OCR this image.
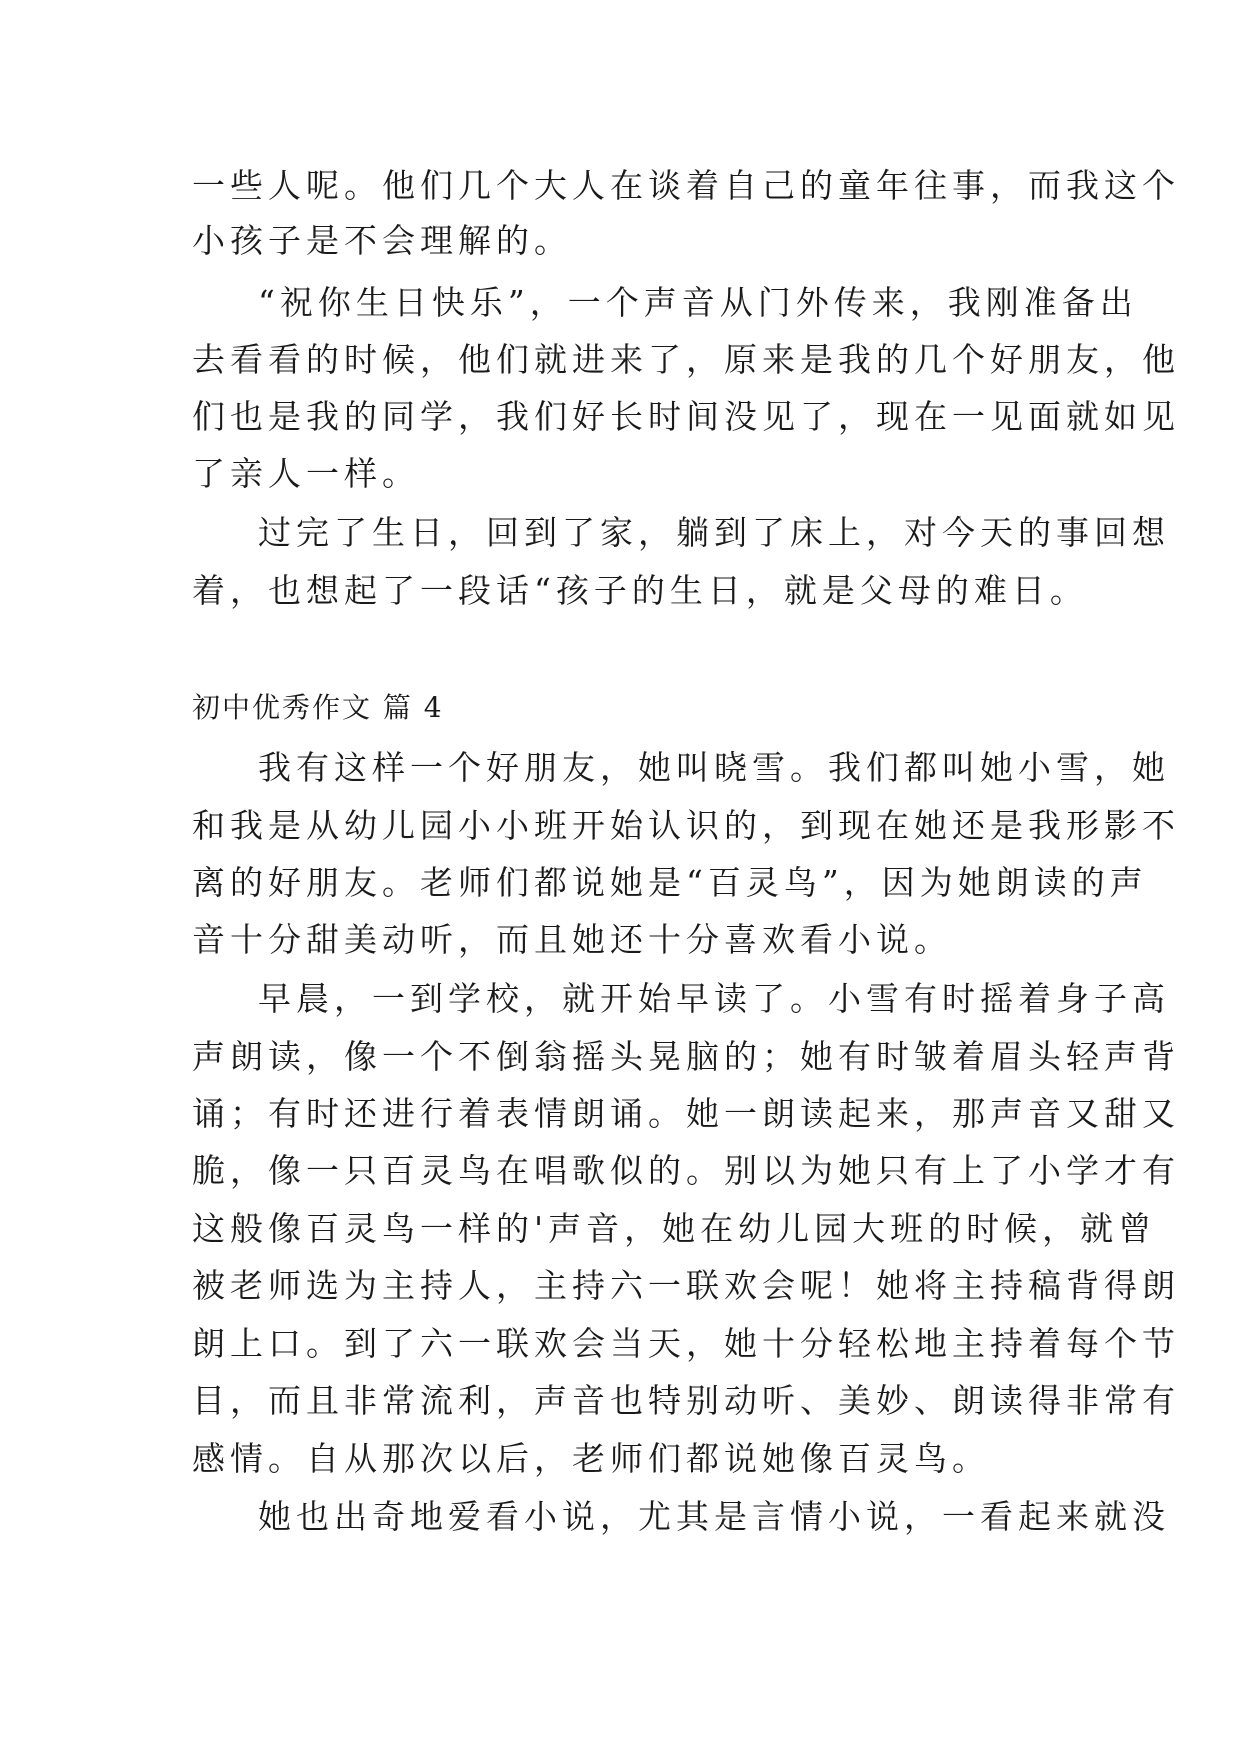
一些人呢。他们几个大人在谈着自己的童年往事，而我这个
小孩子是不会理解的。
“祝你生日快乐”，一个声音从门外传来，我刚准备出
去看看的时候，他们就进来了，原来是我的几个好朋友，他
们也是我的同学，我们好长时间没见了，现在一见面就如见
了亲人一样。
过完了生日，回到了家，躺到了床上，对今天的事回想
着，也想起了一段话“孩子的生日，就是父母的难日。
初中优秀作文 篇 4
我有这样一个好朋友，她叫晓雪。我们都叫她小雪，她
和我是从幼儿园小小班开始认识的，到现在她还是我形影不
离的好朋友。老师们都说她是“百灵鸟”，因为她朗读的声
音十分甜美动听，而且她还十分喜欢看小说。
早晨，一到学校，就开始早读了。小雪有时摇着身子高
声朗读，像一个不倒翁摇头晃脑的；她有时皱着眉头轻声背
诵；有时还进行着表情朗诵。她一朗读起来，那声音又甜又
脆，像一只百灵鸟在唱歌似的。别以为她只有上了小学才有
这般像百灵鸟一样的'声音，她在幼儿园大班的时候，就曾
被老师选为主持人，主持六一联欢会呢！她将主持稿背得朗
朗上口。到了六一联欢会当天，她十分轻松地主持着每个节
目，而且非常流利，声音也特别动听、美妙、朗读得非常有
感情。自从那次以后，老师们都说她像百灵鸟。
她也出奇地爱看小说，尤其是言情小说，一看起来就没
